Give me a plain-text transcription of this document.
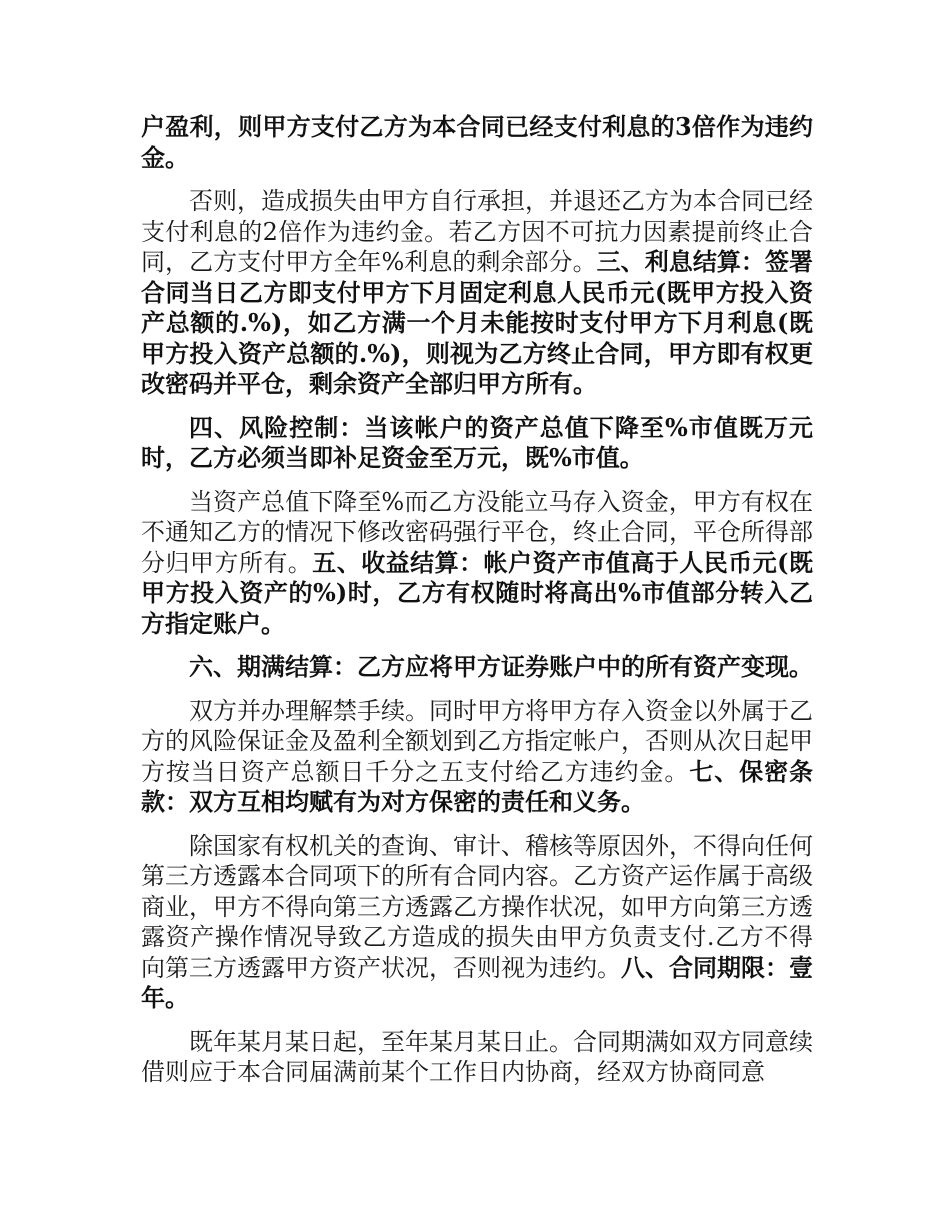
户盈利，则甲方支付乙方为本合同已经支付利息的3倍作为违约金。

否则，造成损失由甲方自行承担，并退还乙方为本合同已经支付利息的2倍作为违约金。若乙方因不可抗力因素提前终止合同，乙方支付甲方全年%利息的剩余部分。三、利息结算：签署合同当日乙方即支付甲方下月固定利息人民币元(既甲方投入资产总额的.%)，如乙方满一个月未能按时支付甲方下月利息(既甲方投入资产总额的.%)，则视为乙方终止合同，甲方即有权更改密码并平仓，剩余资产全部归甲方所有。

四、风险控制：当该帐户的资产总值下降至%市值既万元时，乙方必须当即补足资金至万元，既%市值。

当资产总值下降至%而乙方没能立马存入资金，甲方有权在不通知乙方的情况下修改密码强行平仓，终止合同，平仓所得部分归甲方所有。五、收益结算：帐户资产市值高于人民币元(既甲方投入资产的%)时，乙方有权随时将高出%市值部分转入乙方指定账户。

六、期满结算：乙方应将甲方证券账户中的所有资产变现。

双方并办理解禁手续。同时甲方将甲方存入资金以外属于乙方的风险保证金及盈利全额划到乙方指定帐户，否则从次日起甲方按当日资产总额日千分之五支付给乙方违约金。七、保密条款：双方互相均赋有为对方保密的责任和义务。

除国家有权机关的查询、审计、稽核等原因外，不得向任何第三方透露本合同项下的所有合同内容。乙方资产运作属于高级商业，甲方不得向第三方透露乙方操作状况，如甲方向第三方透露资产操作情况导致乙方造成的损失由甲方负责支付.乙方不得向第三方透露甲方资产状况，否则视为违约。八、合同期限：壹年。

既年某月某日起，至年某月某日止。合同期满如双方同意续借则应于本合同届满前某个工作日内协商，经双方协商同意
